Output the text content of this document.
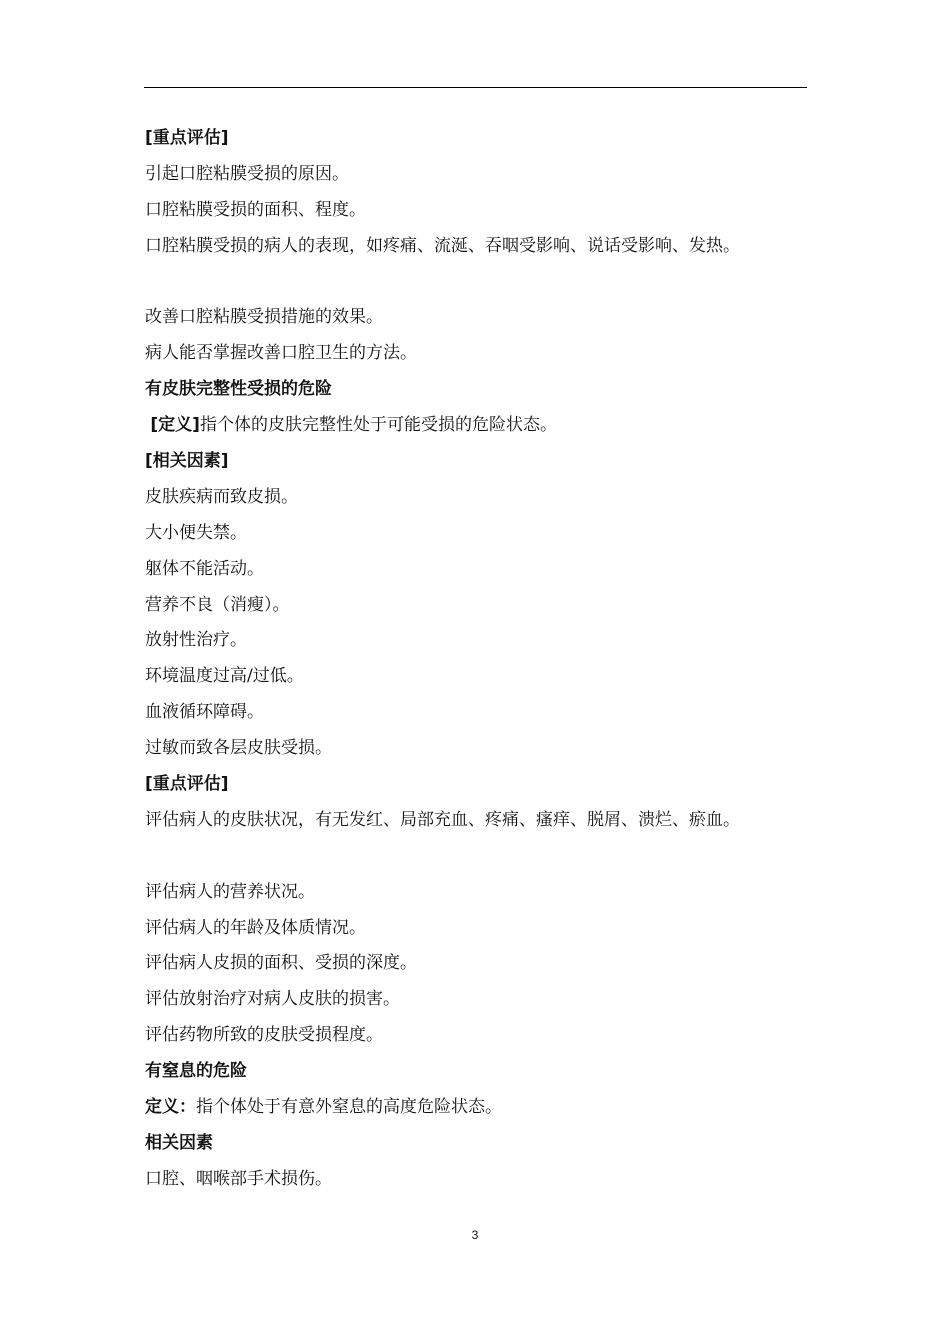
[重点评估]
引起口腔粘膜受损的原因。
口腔粘膜受损的面积、程度。
口腔粘膜受损的病人的表现，如疼痛、流涎、吞咽受影响、说话受影响、发热。
改善口腔粘膜受损措施的效果。
病人能否掌握改善口腔卫生的方法。
有皮肤完整性受损的危险
[定义]指个体的皮肤完整性处于可能受损的危险状态。
[相关因素]
皮肤疾病而致皮损。
大小便失禁。
躯体不能活动。
营养不良（消瘦）。
放射性治疗。
环境温度过高/过低。
血液循环障碍。
过敏而致各层皮肤受损。
[重点评估]
评估病人的皮肤状况，有无发红、局部充血、疼痛、瘙痒、脱屑、溃烂、瘀血。
评估病人的营养状况。
评估病人的年龄及体质情况。
评估病人皮损的面积、受损的深度。
评估放射治疗对病人皮肤的损害。
评估药物所致的皮肤受损程度。
有窒息的危险
定义：指个体处于有意外窒息的高度危险状态。
相关因素
口腔、咽喉部手术损伤。
3
